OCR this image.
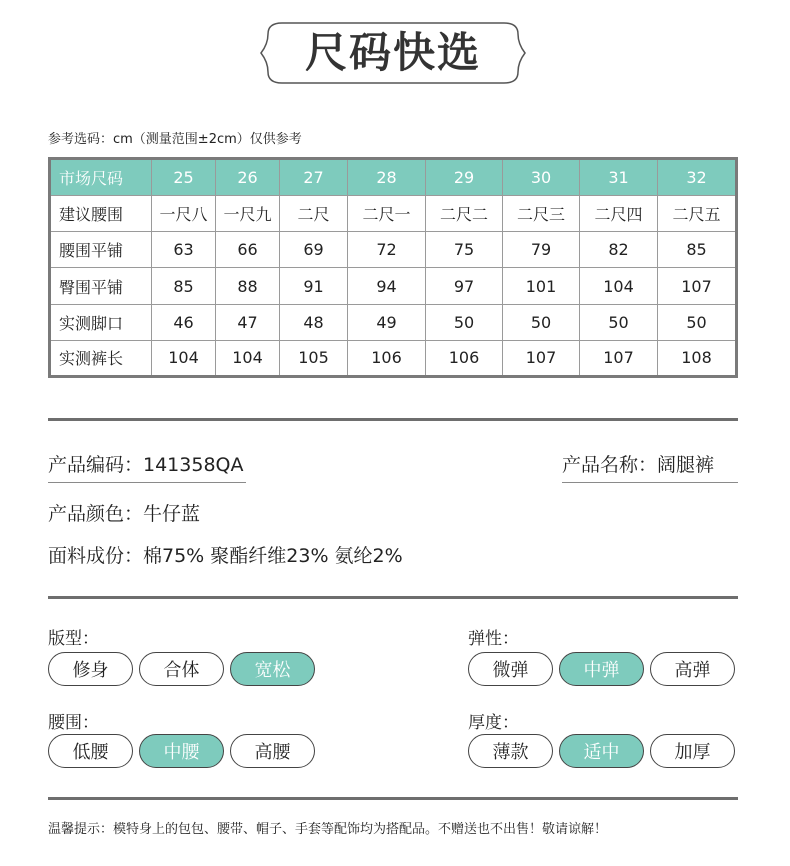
尺码快选
参考选码：cm（测量范围±2cm）仅供参考
市场尺码	25	26	27	28	29	30	31	32
建议腰围	一尺八	一尺九	二尺	二尺一	二尺二	二尺三	二尺四	二尺五
腰围平铺	63	66	69	72	75	79	82	85
臀围平铺	85	88	91	94	97	101	104	107
实测脚口	46	47	48	49	50	50	50	50
实测裤长	104	104	105	106	106	107	107	108
产品编码：141358QA	产品名称：阔腿裤
产品颜色：牛仔蓝
面料成份：棉75% 聚酯纤维23% 氨纶2%
版型：
修身	合体	宽松
弹性：
微弹	中弹	高弹
腰围：
低腰	中腰	高腰
厚度：
薄款	适中	加厚
温馨提示：模特身上的包包、腰带、帽子、手套等配饰均为搭配品。不赠送也不出售！敬请谅解！
